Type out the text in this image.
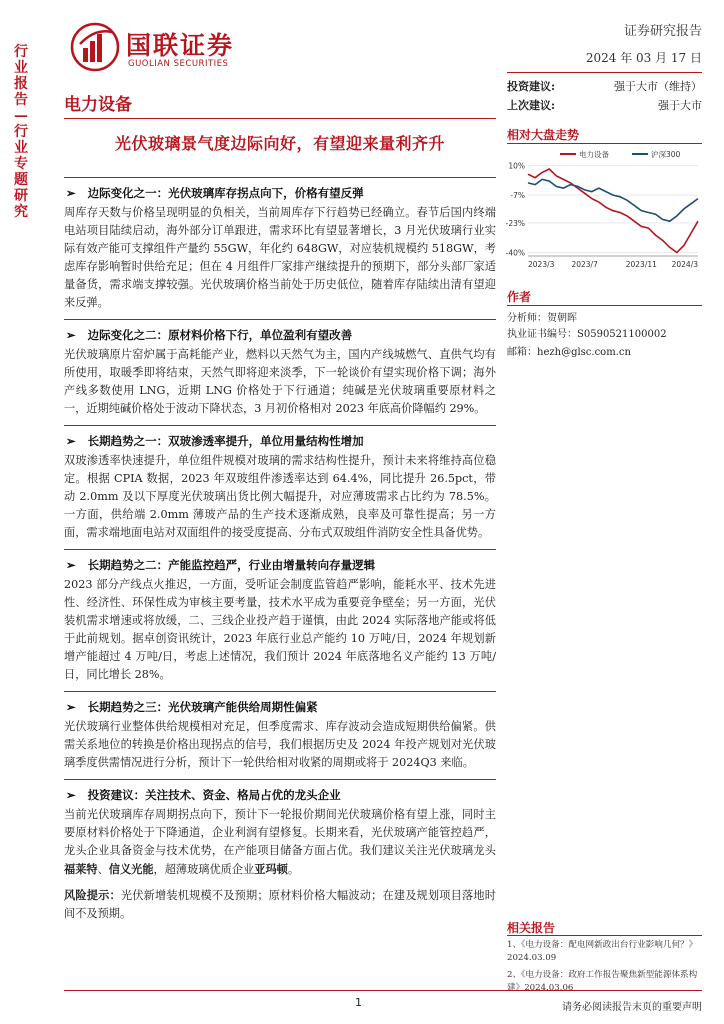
行业报告—行业专题研究
国联证券
GUOLIAN SECURITIES
证券研究报告
2024 年 03 月 17 日
投资建议:	强于大市（维持）
上次建议:	强于大市
电力设备
光伏玻璃景气度边际向好，有望迎来量利齐升
➢ 边际变化之一：光伏玻璃库存拐点向下，价格有望反弹
周库存天数与价格呈现明显的负相关，当前周库存下行趋势已经确立。春节后国内终端电站项目陆续启动，海外部分订单跟进，需求环比有望显著增长，3 月光伏玻璃行业实际有效产能可支撑组件产量约 55GW，年化约 648GW，对应装机规模约 518GW，考虑库存影响暂时供给充足；但在 4 月组件厂家排产继续提升的预期下，部分头部厂家适量备货，需求端支撑较强。光伏玻璃价格当前处于历史低位，随着库存陆续出清有望迎来反弹。
➢ 边际变化之二：原材料价格下行，单位盈利有望改善
光伏玻璃原片窑炉属于高耗能产业，燃料以天然气为主，国内产线城燃气、直供气均有所使用，取暖季即将结束，天然气即将迎来淡季，下一轮谈价有望实现价格下调；海外产线多数使用 LNG，近期 LNG 价格处于下行通道；纯碱是光伏玻璃重要原材料之一，近期纯碱价格处于波动下降状态，3 月初价格相对 2023 年底高价降幅约 29%。
➢ 长期趋势之一：双玻渗透率提升，单位用量结构性增加
双玻渗透率快速提升，单位组件规模对玻璃的需求结构性提升，预计未来将维持高位稳定。根据 CPIA 数据，2023 年双玻组件渗透率达到 64.4%，同比提升 26.5pct，带动 2.0mm 及以下厚度光伏玻璃出货比例大幅提升，对应薄玻需求占比约为 78.5%。一方面，供给端 2.0mm 薄玻产品的生产技术逐渐成熟，良率及可靠性提高；另一方面，需求端地面电站对双面组件的接受度提高、分布式双玻组件消防安全性具备优势。
➢ 长期趋势之二：产能监控趋严，行业由增量转向存量逻辑
2023 部分产线点火推迟，一方面，受听证会制度监管趋严影响，能耗水平、技术先进性、经济性、环保性成为审核主要考量，技术水平成为重要竞争壁垒；另一方面，光伏装机需求增速或将放缓，二、三线企业投产趋于谨慎，由此 2024 实际落地产能或将低于此前规划。据卓创资讯统计，2023 年底行业总产能约 10 万吨/日，2024 年规划新增产能超过 4 万吨/日，考虑上述情况，我们预计 2024 年底落地名义产能约 13 万吨/日，同比增长 28%。
➢ 长期趋势之三：光伏玻璃产能供给周期性偏紧
光伏玻璃行业整体供给规模相对充足，但季度需求、库存波动会造成短期供给偏紧。供需关系地位的转换是价格出现拐点的信号，我们根据历史及 2024 年投产规划对光伏玻璃季度供需情况进行分析，预计下一轮供给相对收紧的周期或将于 2024Q3 来临。
➢ 投资建议：关注技术、资金、格局占优的龙头企业
当前光伏玻璃库存周期拐点向下，预计下一轮报价期间光伏玻璃价格有望上涨，同时主要原材料价格处于下降通道，企业利润有望修复。长期来看，光伏玻璃产能管控趋严，龙头企业具备资金与技术优势，在产能项目储备方面占优。我们建议关注光伏玻璃龙头福莱特、信义光能，超薄玻璃优质企业亚玛顿。
风险提示：光伏新增装机规模不及预期；原材料价格大幅波动；在建及规划项目落地时间不及预期。
相对大盘走势
10%
-7%
-23%
-40%
2023/3 2023/7	2023/11 2024/3
电力设备	沪深300
作者
分析师：贺朝晖
执业证书编号：S0590521100002
邮箱：hezh@glsc.com.cn
相关报告
1、《电力设备：配电网新政出台行业影响几何？》2024.03.09
2、《电力设备：政府工作报告聚焦新型能源体系构建》2024.03.06
1	请务必阅读报告末页的重要声明
